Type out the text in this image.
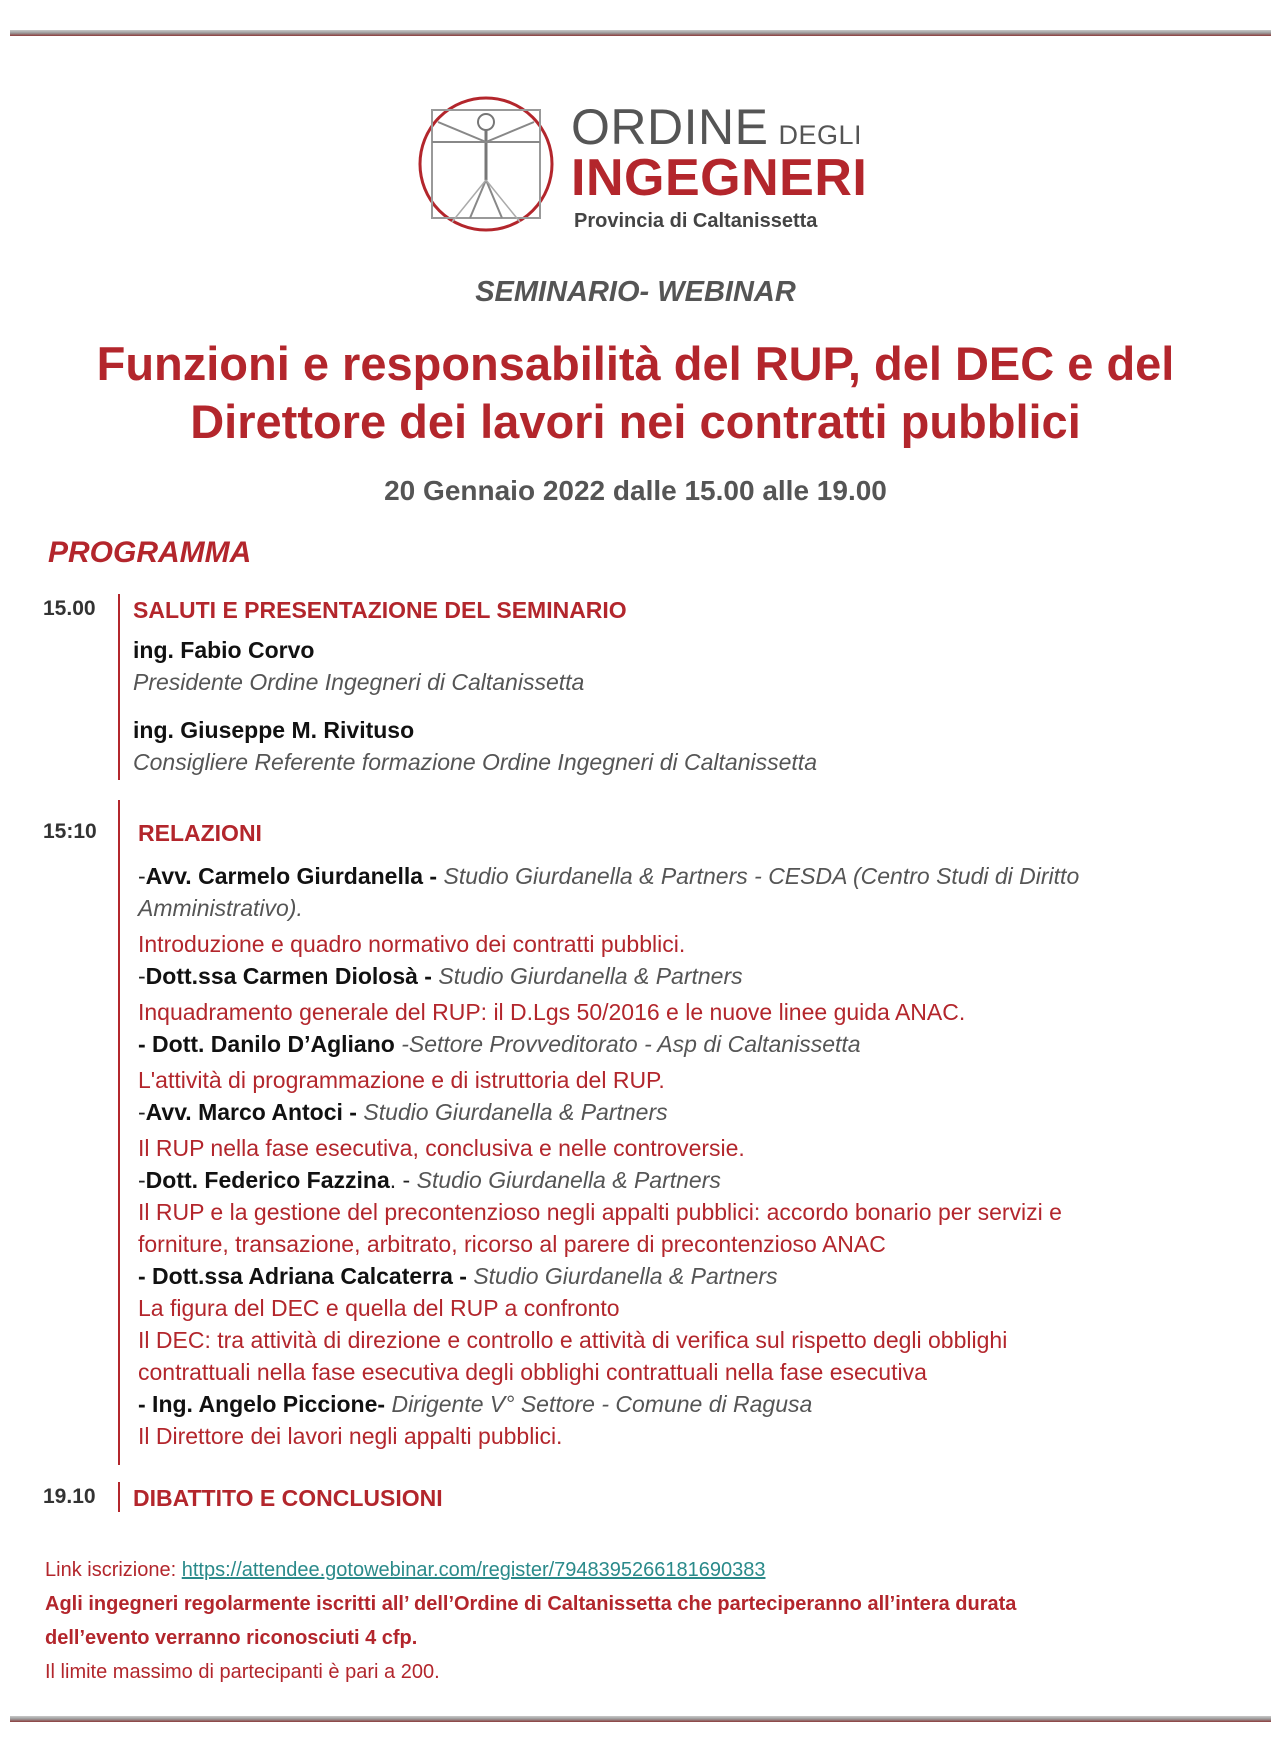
ORDINE DEGLI
INGEGNERI
Provincia di Caltanissetta
SEMINARIO- WEBINAR
Funzioni e responsabilità del RUP, del DEC e del
Direttore dei lavori nei contratti pubblici
20 Gennaio 2022 dalle 15.00 alle 19.00
PROGRAMMA
15.00 SALUTI E PRESENTAZIONE DEL SEMINARIO

ing. Fabio Corvo

Presidente Ordine Ingegneri di Caltanissetta

ing. Giuseppe M. Rivituso

Consigliere Referente formazione Ordine Ingegneri di Caltanissetta

15:10 RELAZIONI

-Avv. Carmelo Giurdanella - Studio Giurdanella & Partners - CESDA (Centro Studi di Diritto

Amministrativo).

Introduzione e quadro normativo dei contratti pubblici.

-Dott.ssa Carmen Diolosà - Studio Giurdanella & Partners

Inquadramento generale del RUP: il D.Lgs 50/2016 e le nuove linee guida ANAC.

- Dott. Danilo D’Agliano -Settore Provveditorato - Asp di Caltanissetta

L'attività di programmazione e di istruttoria del RUP.

-Avv. Marco Antoci - Studio Giurdanella & Partners

Il RUP nella fase esecutiva, conclusiva e nelle controversie.

-Dott. Federico Fazzina. - Studio Giurdanella & Partners

Il RUP e la gestione del precontenzioso negli appalti pubblici: accordo bonario per servizi e

forniture, transazione, arbitrato, ricorso al parere di precontenzioso ANAC

- Dott.ssa Adriana Calcaterra - Studio Giurdanella & Partners

La figura del DEC e quella del RUP a confronto

Il DEC: tra attività di direzione e controllo e attività di verifica sul rispetto degli obblighi

contrattuali nella fase esecutiva degli obblighi contrattuali nella fase esecutiva

- Ing. Angelo Piccione- Dirigente V° Settore - Comune di Ragusa

Il Direttore dei lavori negli appalti pubblici.

19.10 DIBATTITO E CONCLUSIONI
Link iscrizione: https://attendee.gotowebinar.com/register/7948395266181690383
Agli ingegneri regolarmente iscritti all’ dell’Ordine di Caltanissetta che parteciperanno all’intera durata
dell’evento verranno riconosciuti 4 cfp.
Il limite massimo di partecipanti è pari a 200.
